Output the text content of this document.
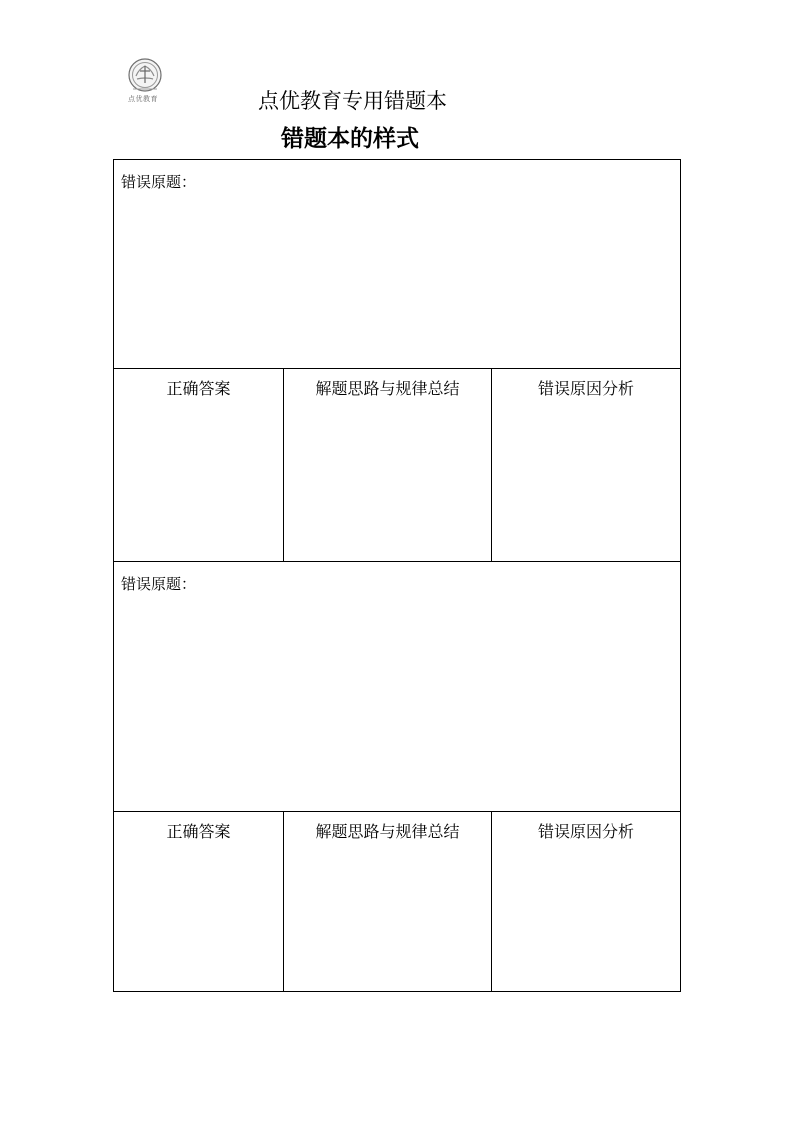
点优教育	点优教育专用错题本
错题本的样式
错误原题：
正确答案	解题思路与规律总结	错误原因分析
错误原题：
正确答案	解题思路与规律总结	错误原因分析
